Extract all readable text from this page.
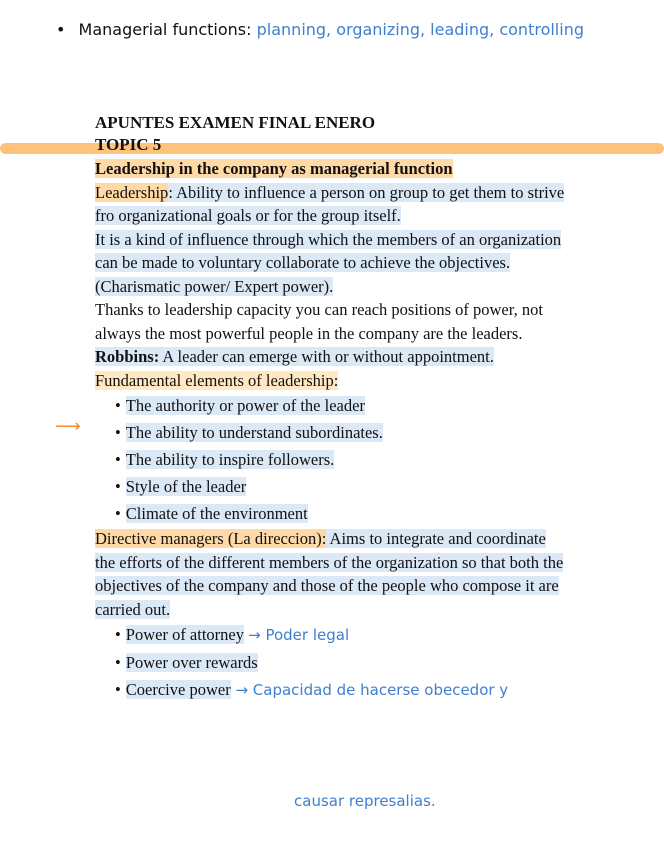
• Managerial functions: planning, organizing, leading, controlling
⟶

APUNTES EXAMEN FINAL ENERO

TOPIC 5

Leadership in the company as managerial function

Leadership: Ability to influence a person on group to get them to strive fro organizational goals or for the group itself.

It is a kind of influence through which the members of an organization can be made to voluntary collaborate to achieve the objectives. (Charismatic power/ Expert power).

Thanks to leadership capacity you can reach positions of power, not always the most powerful people in the company are the leaders.

Robbins: A leader can emerge with or without appointment.

Fundamental elements of leadership:

• The authority or power of the leader
• The ability to understand subordinates.
• The ability to inspire followers.
• Style of the leader
• Climate of the environment

Directive managers (La direccion): Aims to integrate and coordinate the efforts of the different members of the organization so that both the objectives of the company and those of the people who compose it are carried out.

• Power of attorney → Poder legal
• Power over rewards
• Coercive power → Capacidad de hacerse obecedor y
causar represalias.
